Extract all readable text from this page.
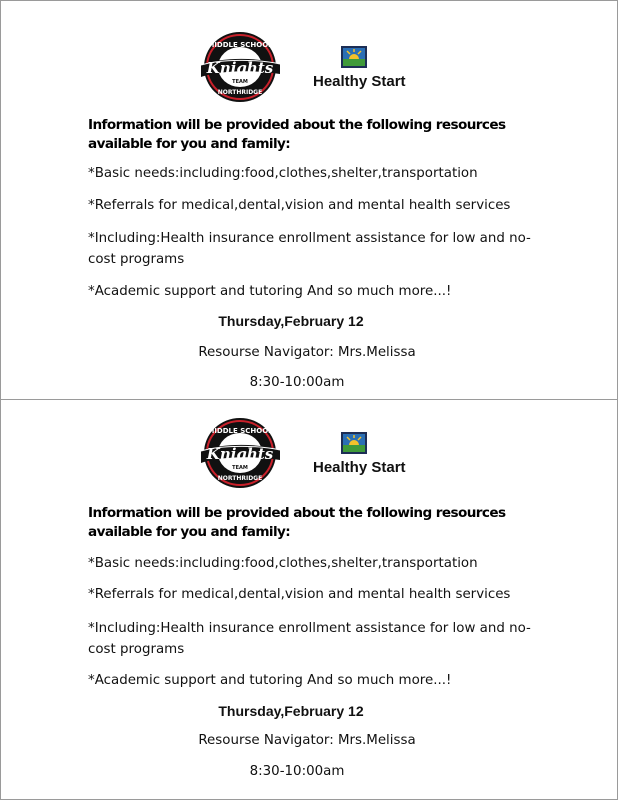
MIDDLE SCHOOL
Knights
TEAM
NORTHRIDGE
Healthy Start
Information will be provided about the following resources available for you and family:
*Basic needs:including:food,clothes,shelter,transportation
*Referrals for medical,dental,vision and mental health services
*Including:Health insurance enrollment assistance for low and no-cost programs
*Academic support and tutoring And so much more...!
Thursday,February 12
Resourse Navigator: Mrs.Melissa
8:30-10:00am
MIDDLE SCHOOL
Knights
TEAM
NORTHRIDGE
Healthy Start
Information will be provided about the following resources available for you and family:
*Basic needs:including:food,clothes,shelter,transportation
*Referrals for medical,dental,vision and mental health services
*Including:Health insurance enrollment assistance for low and no-cost programs
*Academic support and tutoring And so much more...!
Thursday,February 12
Resourse Navigator: Mrs.Melissa
8:30-10:00am
